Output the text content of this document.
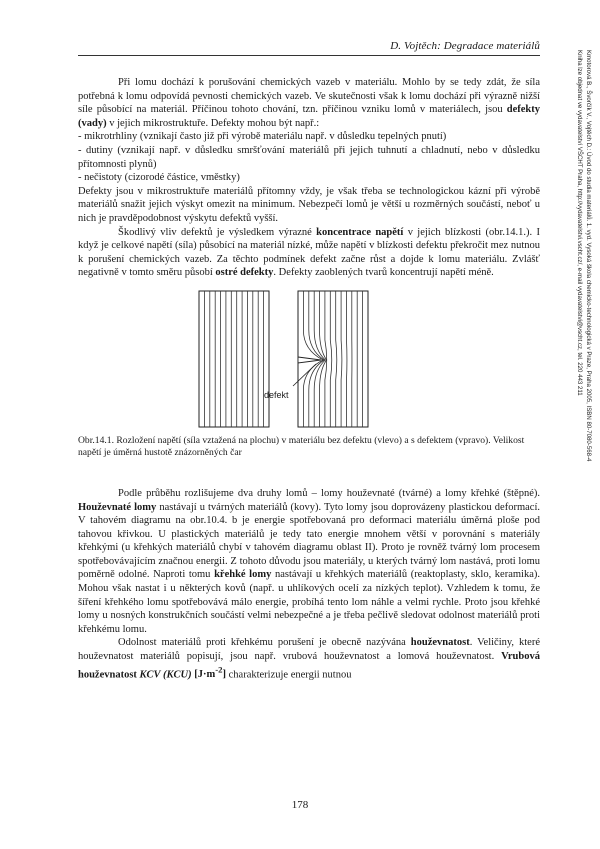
D. Vojtěch: Degradace materiálů
Kmotorová B., Švorčík V., Vojtěch D.: Úvod do studia materiálů. 1. vyd. Vysoká škola chemicko-technologická v Praze, Praha 2005, ISBN 80-7080-568-4
Kniha lze objednat ve vydavatelství VŠCHT Praha, http://vydavatelstvi.vscht.cz/, e-mail vydavatelstvi@vscht.cz, tel. 220 443 211

Při lomu dochází k porušování chemických vazeb v materiálu. Mohlo by se tedy zdát, že síla potřebná k lomu odpovídá pevnosti chemických vazeb. Ve skutečnosti však k lomu dochází při výrazně nižší síle působící na materiál. Příčinou tohoto chování, tzn. příčinou vzniku lomů v materiálech, jsou defekty (vady) v jejich mikrostruktuře. Defekty mohou být např.:

- mikrotrhliny (vznikají často již při výrobě materiálu např. v důsledku tepelných pnutí)

- dutiny (vznikají např. v důsledku smršťování materiálů při jejich tuhnutí a chladnutí, nebo v důsledku přítomnosti plynů)

- nečistoty (cizorodé částice, vměstky)

Defekty jsou v mikrostruktuře materiálů přítomny vždy, je však třeba se technologickou kázní při výrobě materiálů snažit jejich výskyt omezit na minimum. Nebezpečí lomů je větší u rozměrných součástí, neboť u nich je pravděpodobnost výskytu defektů vyšší.

Škodlivý vliv defektů je výsledkem výrazné koncentrace napětí v jejich blízkosti (obr.14.1.). I když je celkové napětí (síla) působící na materiál nízké, může napětí v blízkosti defektu překročit mez nutnou k porušení chemických vazeb. Za těchto podmínek defekt začne růst a dojde k lomu materiálu. Zvlášť negativně v tomto směru působí ostré defekty. Defekty zaoblených tvarů koncentrují napětí méně.

defekt

Obr.14.1. Rozložení napětí (síla vztažená na plochu) v materiálu bez defektu (vlevo) a s defektem (vpravo). Velikost napětí je úměrná hustotě znázorněných čar

Podle průběhu rozlišujeme dva druhy lomů – lomy houževnaté (tvárné) a lomy křehké (štěpné). Houževnaté lomy nastávají u tvárných materiálů (kovy). Tyto lomy jsou doprovázeny plastickou deformací. V tahovém diagramu na obr.10.4. b je energie spotřebovaná pro deformaci materiálu úměrná ploše pod tahovou křivkou. U plastických materiálů je tedy tato energie mnohem větší v porovnání s materiály křehkými (u křehkých materiálů chybí v tahovém diagramu oblast II). Proto je rovněž tvárný lom procesem spotřebovávajícím značnou energii. Z tohoto důvodu jsou materiály, u kterých tvárný lom nastává, proti lomu poměrně odolné. Naproti tomu křehké lomy nastávají u křehkých materiálů (reaktoplasty, sklo, keramika). Mohou však nastat i u některých kovů (např. u uhlíkových ocelí za nízkých teplot). Vzhledem k tomu, že šíření křehkého lomu spotřebovává málo energie, probíhá tento lom náhle a velmi rychle. Proto jsou křehké lomy u nosných konstrukčních součástí velmi nebezpečné a je třeba pečlivě sledovat odolnost materiálů proti křehkému lomu.

Odolnost materiálů proti křehkému porušení je obecně nazývána houževnatost. Veličiny, které houževnatost materiálů popisují, jsou např. vrubová houževnatost a lomová houževnatost. Vrubová houževnatost KCV (KCU) $[J\cdot m^{-2}]$ charakterizuje energii nutnou

178
